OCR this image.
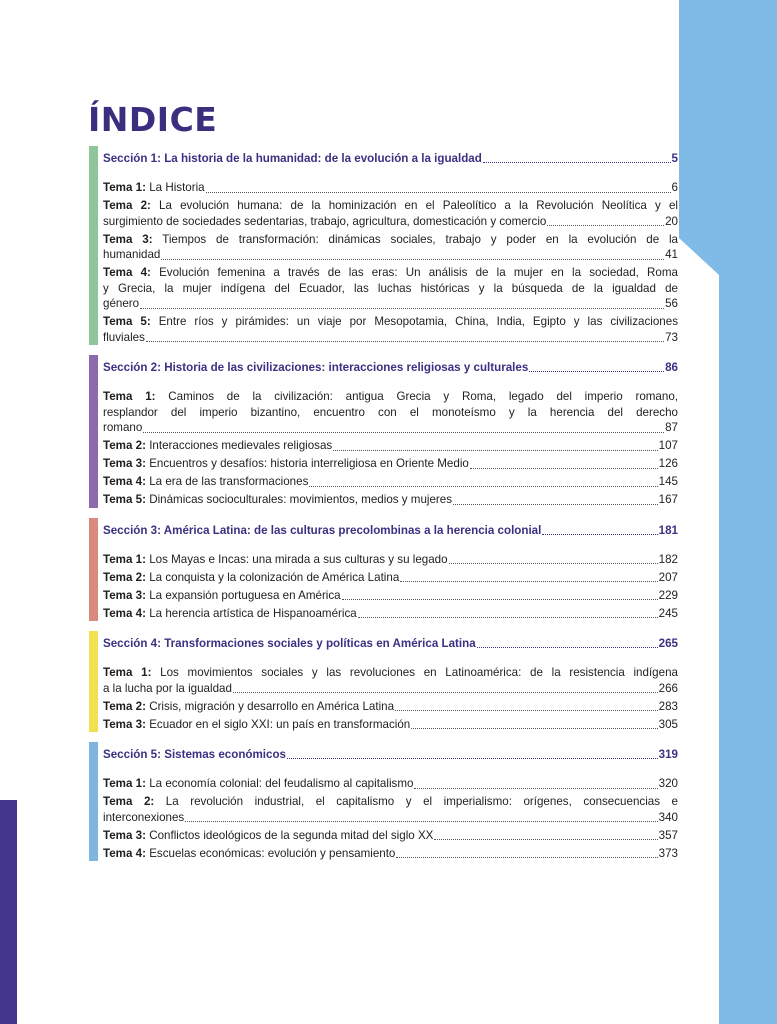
ÍNDICE
Sección 1: La historia de la humanidad: de la evolución a la igualdad	5
Tema 1: La Historia	6
Tema 2: La evolución humana: de la hominización en el Paleolítico a la Revolución Neolítica y el
surgimiento de sociedades sedentarias, trabajo, agricultura, domesticación y comercio	20
Tema 3: Tiempos de transformación: dinámicas sociales, trabajo y poder en la evolución de la
humanidad	41
Tema 4: Evolución femenina a través de las eras: Un análisis de la mujer en la sociedad, Roma
y Grecia, la mujer indígena del Ecuador, las luchas históricas y la búsqueda de la igualdad de
género	56
Tema 5: Entre ríos y pirámides: un viaje por Mesopotamia, China, India, Egipto y las civilizaciones
fluviales	73
Sección 2: Historia de las civilizaciones: interacciones religiosas y culturales	86
Tema 1: Caminos de la civilización: antigua Grecia y Roma, legado del imperio romano,
resplandor del imperio bizantino, encuentro con el monoteísmo y la herencia del derecho
romano	87
Tema 2: Interacciones medievales religiosas	107
Tema 3: Encuentros y desafíos: historia interreligiosa en Oriente Medio	126
Tema 4: La era de las transformaciones	145
Tema 5: Dinámicas socioculturales: movimientos, medios y mujeres	167
Sección 3: América Latina: de las culturas precolombinas a la herencia colonial	181
Tema 1: Los Mayas e Incas: una mirada a sus culturas y su legado	182
Tema 2: La conquista y la colonización de América Latina	207
Tema 3: La expansión portuguesa en América	229
Tema 4: La herencia artística de Hispanoamérica	245
Sección 4: Transformaciones sociales y políticas en América Latina	265
Tema 1: Los movimientos sociales y las revoluciones en Latinoamérica: de la resistencia indígena
a la lucha por la igualdad	266
Tema 2: Crisis, migración y desarrollo en América Latina	283
Tema 3: Ecuador en el siglo XXI: un país en transformación	305
Sección 5: Sistemas económicos	319
Tema 1: La economía colonial: del feudalismo al capitalismo	320
Tema 2: La revolución industrial, el capitalismo y el imperialismo: orígenes, consecuencias e
interconexiones	340
Tema 3: Conflictos ideológicos de la segunda mitad del siglo XX	357
Tema 4: Escuelas económicas: evolución y pensamiento	373
